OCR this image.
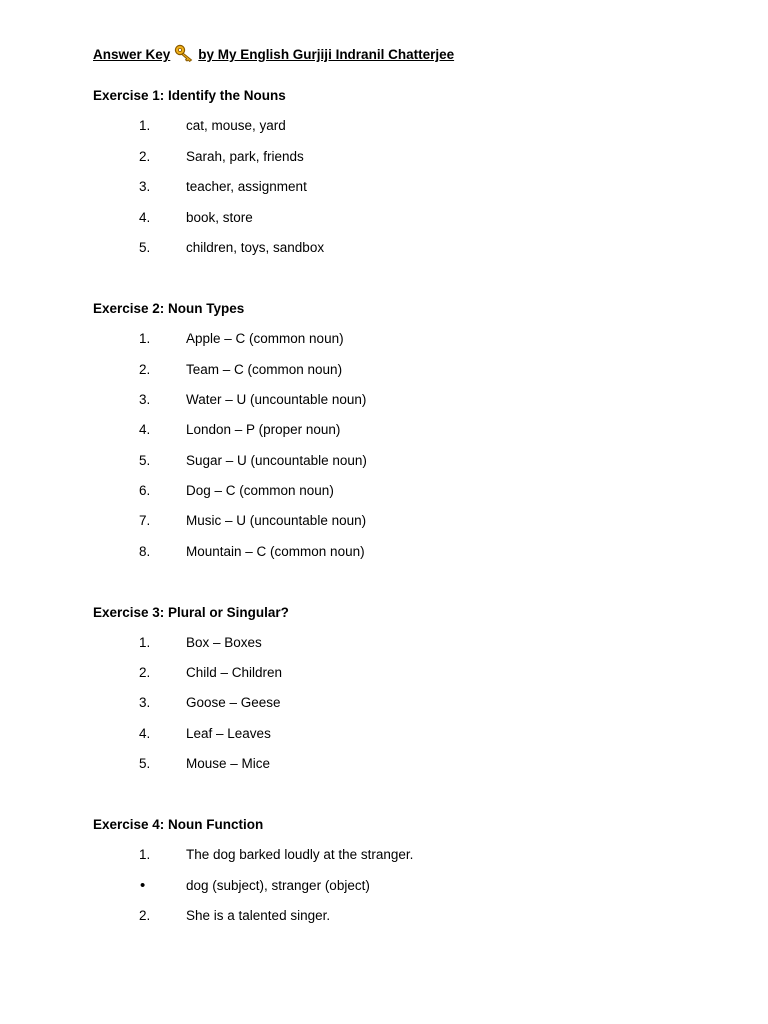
Answer Key by My English Gurjiji Indranil Chatterjee
Exercise 1: Identify the Nouns
1.	cat, mouse, yard
2.	Sarah, park, friends
3.	teacher, assignment
4.	book, store
5.	children, toys, sandbox
Exercise 2: Noun Types
1.	Apple – C (common noun)
2.	Team – C (common noun)
3.	Water – U (uncountable noun)
4.	London – P (proper noun)
5.	Sugar – U (uncountable noun)
6.	Dog – C (common noun)
7.	Music – U (uncountable noun)
8.	Mountain – C (common noun)
Exercise 3: Plural or Singular?
1.	Box – Boxes
2.	Child – Children
3.	Goose – Geese
4.	Leaf – Leaves
5.	Mouse – Mice
Exercise 4: Noun Function
1.	The dog barked loudly at the stranger.
•	dog (subject), stranger (object)
2.	She is a talented singer.
